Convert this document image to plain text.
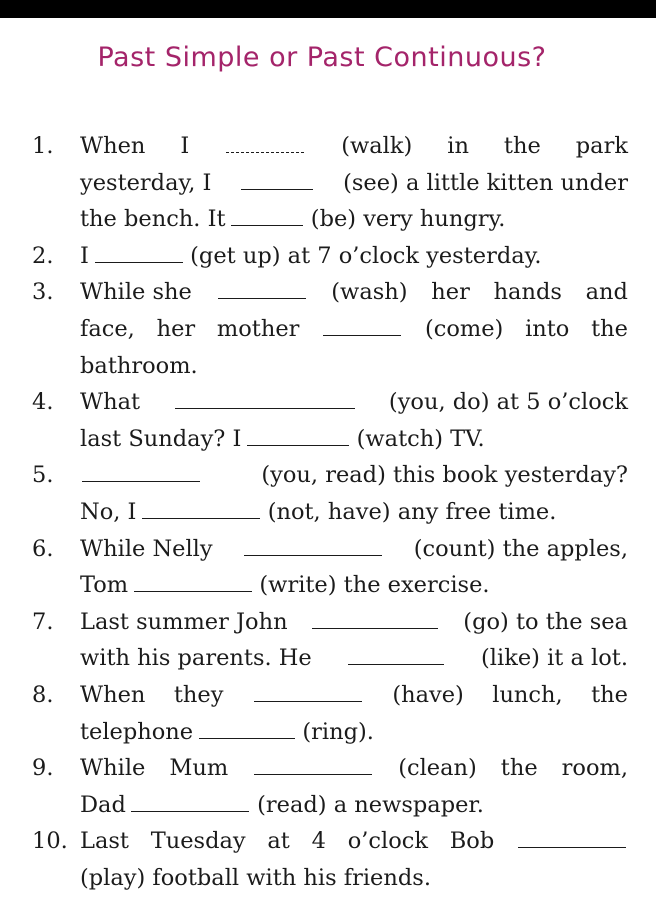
Past Simple or Past Continuous?
1.	When I	(walk) in the park
yesterday, I	(see) a little kitten under
the bench. It	(be) very hungry.
2.	I	(get up) at 7 o’clock yesterday.
3.	While she	(wash) her hands and
face, her mother	(come) into the
bathroom.
4.	What	(you, do) at 5 o’clock
last Sunday? I	(watch) TV.
5.	(you, read) this book yesterday?
No, I	(not, have) any free time.
6.	While Nelly	(count) the apples,
Tom	(write) the exercise.
7.	Last summer John	(go) to the sea
with his parents. He	(like) it a lot.
8.	When they	(have) lunch, the
telephone	(ring).
9.	While Mum	(clean) the room,
Dad	(read) a newspaper.
10. Last Tuesday at 4 o’clock Bob
(play) football with his friends.
